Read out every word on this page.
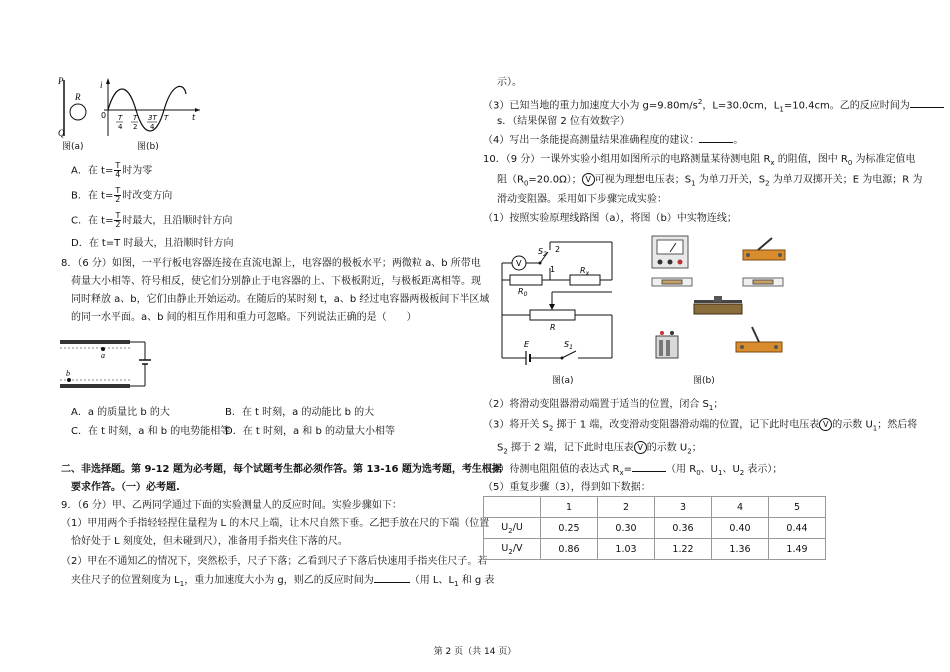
P
Q
R
i
0 T
4
T
2
3T
4
T	t
图(a)	图(b)
A．在 $t= \frac{T}{4}$ 时为零
B．在 $t= \frac{T}{2}$ 时改变方向
C．在 $t= \frac{T}{2}$ 时最大，且沿顺时针方向
D．在 t=T 时最大，且沿顺时针方向
8．（6 分）如图，一平行板电容器连接在直流电源上，电容器的极板水平；两微粒 a、b 所带电
荷量大小相等、符号相反，使它们分别静止于电容器的上、下极板附近，与极板距离相等。现
同时释放 a、b，它们由静止开始运动。在随后的某时刻 t，a、b 经过电容器两极板间下半区域
的同一水平面。a、b 间的相互作用和重力可忽略。下列说法正确的是（　　）
a
b
A．a 的质量比 b 的大	B．在 t 时刻，a 的动能比 b 的大
C．在 t 时刻，a 和 b 的电势能相等
D．在 t 时刻，a 和 b 的动量大小相等
二、非选择题。第 9-12 题为必考题，每个试题考生都必须作答。第 13-16 题为选考题，考生根据
要求作答。（一）必考题.
9．（6 分）甲、乙两同学通过下面的实验测量人的反应时间。实验步骤如下：
（1）甲用两个手指轻轻捏住量程为 L 的木尺上端，让木尺自然下垂。乙把手放在尺的下端（位置
恰好处于 L 刻度处，但未碰到尺），准备用手指夹住下落的尺。
（2）甲在不通知乙的情况下，突然松手，尺子下落；乙看到尺子下落后快速用手指夹住尺子。若
夹住尺子的位置刻度为 $L_1$，重力加速度大小为 g，则乙的反应时间为	（用 L、$L_1$ 和 g 表
示）。
（3）已知当地的重力加速度大小为 $g=9.80m/s^2$，L=30.0cm，$L_1=10.4cm$。乙的反应时间为
s．（结果保留 2 位有效数字）
（4）写出一条能提高测量结果准确程度的建议：	。
10．（9 分）一课外实验小组用如图所示的电路测量某待测电阻 $R_x$ 的阻值，图中 $R_0$ 为标准定值电
阻$(R_0=20.0\Omega)$； V 可视为理想电压表；$S_1$ 为单刀开关，$S_2$ 为单刀双掷开关；E 为电源；R 为
滑动变阻器。采用如下步骤完成实验：
（1）按照实验原理线路图（a），将图（b）中实物连线；
V
$S_2$
2
1
$R_0$
$R_x$
R
E	$S_1$
图(a)	图(b)
（2）将滑动变阻器滑动端置于适当的位置，闭合 $S_1$；
（3）将开关 $S_2$ 掷于 1 端，改变滑动变阻器滑动端的位置，记下此时电压表 V 的示数 $U_1$；然后将
$S_2$ 掷于 2 端，记下此时电压表 V 的示数 $U_2$；
（4）待测电阻阻值的表达式 $R_x=$	（用 $R_0$、$U_1$、$U_2$ 表示）；
（5）重复步骤（3），得到如下数据：
	1	2	3	4	5
$U_2/U$	0.25	0.30	0.36	0.40	0.44
$U_2/V$	0.86	1.03	1.22	1.36	1.49
第 2 页（共 14 页）
